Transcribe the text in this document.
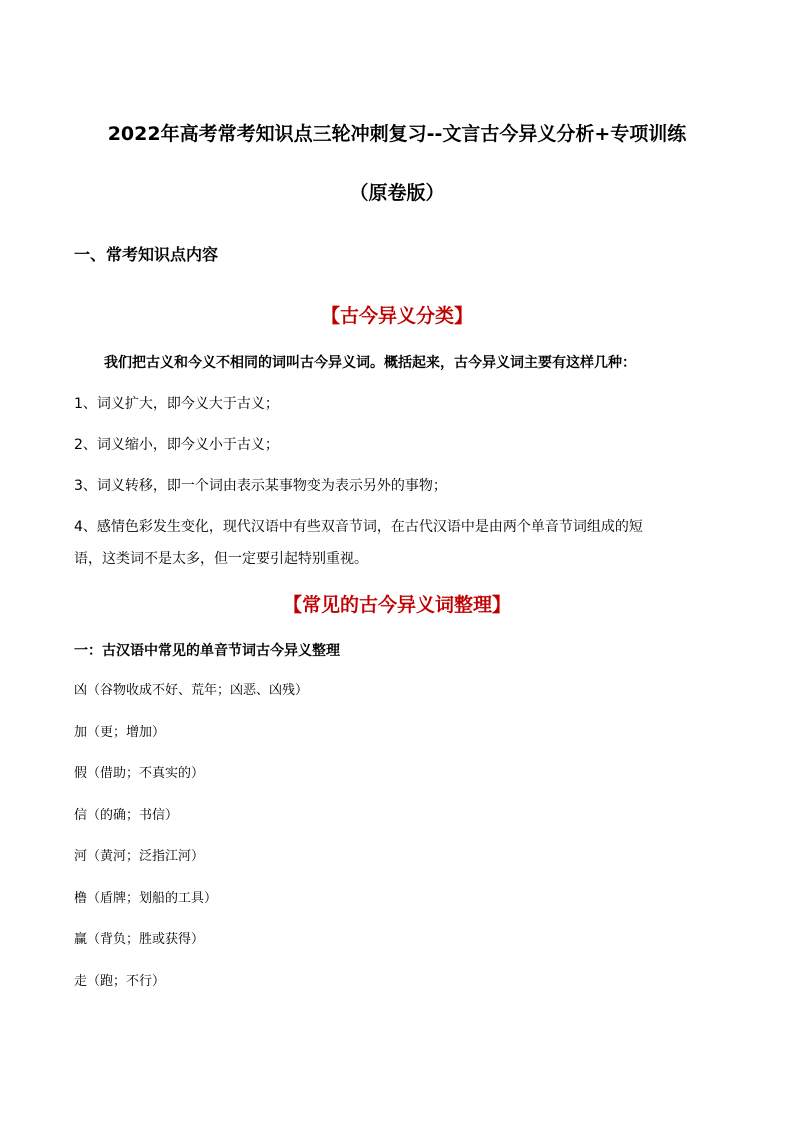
2022年高考常考知识点三轮冲刺复习--文言古今异义分析+专项训练
（原卷版）
一、常考知识点内容
【古今异义分类】
我们把古义和今义不相同的词叫古今异义词。概括起来，古今异义词主要有这样几种：
1、词义扩大，即今义大于古义；
2、词义缩小，即今义小于古义；
3、词义转移，即一个词由表示某事物变为表示另外的事物；
4、感情色彩发生变化，现代汉语中有些双音节词，在古代汉语中是由两个单音节词组成的短
语，这类词不是太多，但一定要引起特别重视。
【常见的古今异义词整理】
一：古汉语中常见的单音节词古今异义整理
凶（谷物收成不好、荒年；凶恶、凶残）
加（更；增加）
假（借助；不真实的）
信（的确；书信）
河（黄河；泛指江河）
橹（盾牌；划船的工具）
赢（背负；胜或获得）
走（跑；不行）
